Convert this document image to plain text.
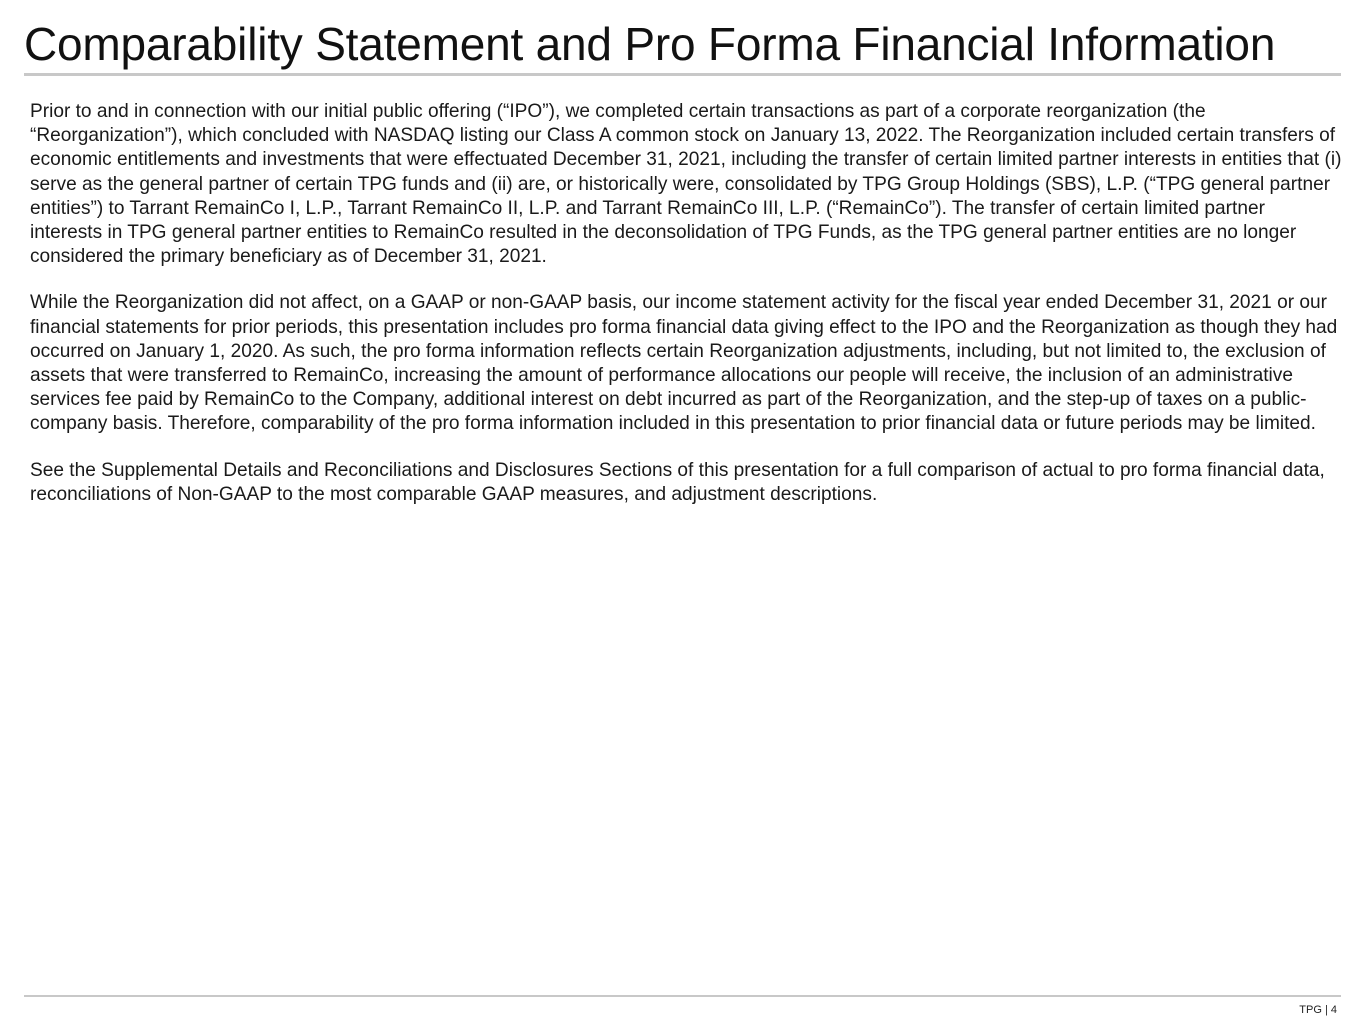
Comparability Statement and Pro Forma Financial Information

Prior to and in connection with our initial public offering (“IPO”), we completed certain transactions as part of a corporate reorganization (the “Reorganization”), which concluded with NASDAQ listing our Class A common stock on January 13, 2022. The Reorganization included certain transfers of economic entitlements and investments that were effectuated December 31, 2021, including the transfer of certain limited partner interests in entities that (i) serve as the general partner of certain TPG funds and (ii) are, or historically were, consolidated by TPG Group Holdings (SBS), L.P. (“TPG general partner entities”) to Tarrant RemainCo I, L.P., Tarrant RemainCo II, L.P. and Tarrant RemainCo III, L.P. (“RemainCo”). The transfer of certain limited partner interests in TPG general partner entities to RemainCo resulted in the deconsolidation of TPG Funds, as the TPG general partner entities are no longer considered the primary beneficiary as of December 31, 2021.

While the Reorganization did not affect, on a GAAP or non-GAAP basis, our income statement activity for the fiscal year ended December 31, 2021 or our financial statements for prior periods, this presentation includes pro forma financial data giving effect to the IPO and the Reorganization as though they had occurred on January 1, 2020. As such, the pro forma information reflects certain Reorganization adjustments, including, but not limited to, the exclusion of assets that were transferred to RemainCo, increasing the amount of performance allocations our people will receive, the inclusion of an administrative services fee paid by RemainCo to the Company, additional interest on debt incurred as part of the Reorganization, and the step-up of taxes on a public-company basis. Therefore, comparability of the pro forma information included in this presentation to prior financial data or future periods may be limited.

See the Supplemental Details and Reconciliations and Disclosures Sections of this presentation for a full comparison of actual to pro forma financial data, reconciliations of Non-GAAP to the most comparable GAAP measures, and adjustment descriptions.

TPG | 4
